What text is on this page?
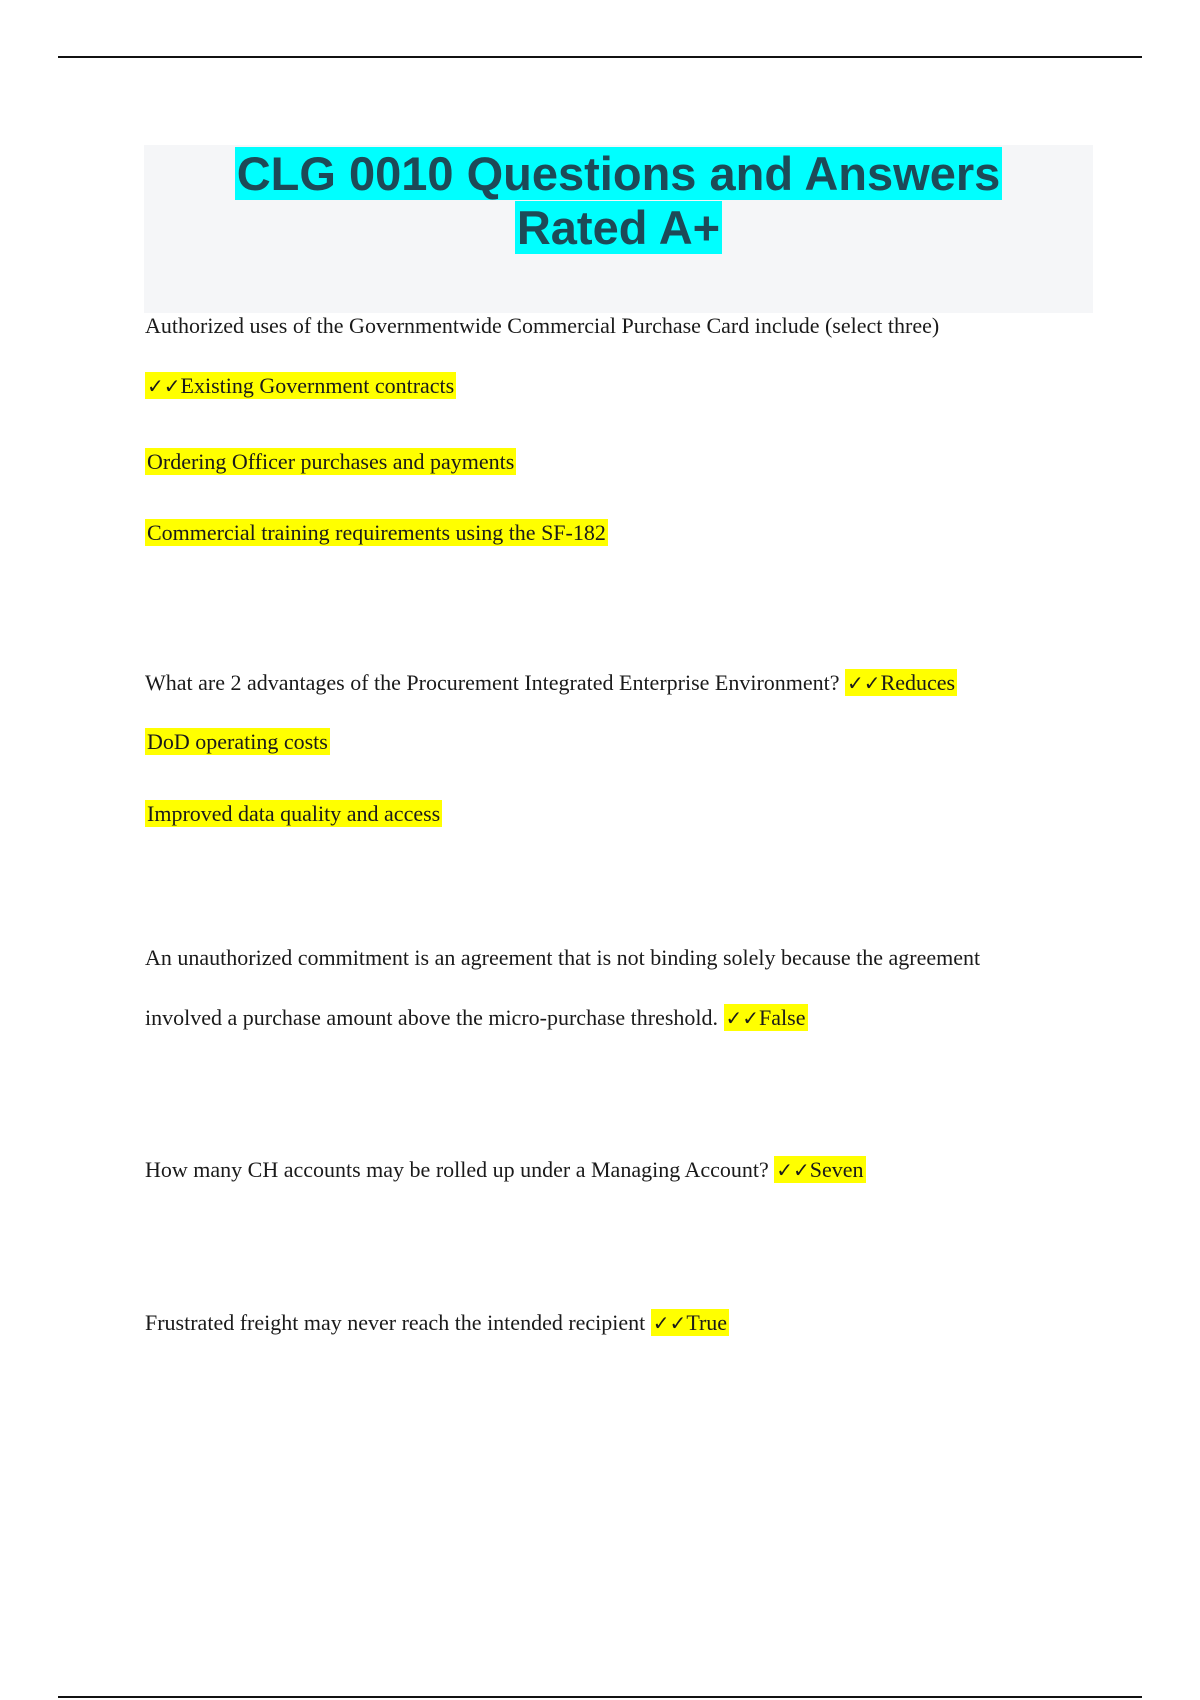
CLG 0010 Questions and Answers
Rated A+
Authorized uses of the Governmentwide Commercial Purchase Card include (select three)
✓✓Existing Government contracts
Ordering Officer purchases and payments
Commercial training requirements using the SF-182
What are 2 advantages of the Procurement Integrated Enterprise Environment? ✓✓Reduces
DoD operating costs
Improved data quality and access
An unauthorized commitment is an agreement that is not binding solely because the agreement
involved a purchase amount above the micro-purchase threshold. ✓✓False
How many CH accounts may be rolled up under a Managing Account? ✓✓Seven
Frustrated freight may never reach the intended recipient ✓✓True
